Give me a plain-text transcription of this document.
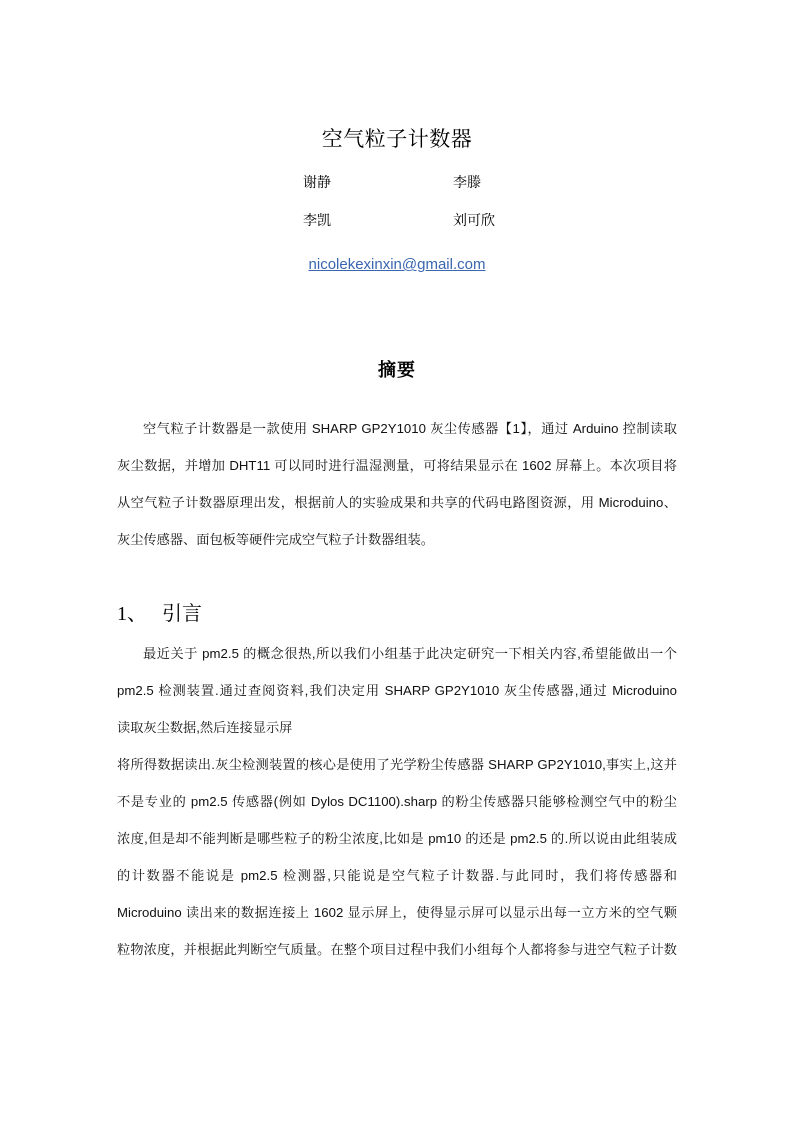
空气粒子计数器
谢静	李滕
李凯	刘可欣
nicolekexinxin@gmail.com
摘要
空气粒子计数器是一款使用 SHARP GP2Y1010 灰尘传感器【1】，通过 Arduino 控制读取
灰尘数据，并增加 DHT11 可以同时进行温湿测量，可将结果显示在 1602 屏幕上。本次项目将
从空气粒子计数器原理出发，根据前人的实验成果和共享的代码电路图资源，用 Microduino、
灰尘传感器、面包板等硬件完成空气粒子计数器组装。
1、   引言
最近关于 pm2.5 的概念很热,所以我们小组基于此决定研究一下相关内容,希望能做出一个
pm2.5 检测装置.通过查阅资料,我们决定用 SHARP GP2Y1010 灰尘传感器,通过 Microduino
读取灰尘数据,然后连接显示屏
将所得数据读出.灰尘检测装置的核心是使用了光学粉尘传感器 SHARP GP2Y1010,事实上,这并
不是专业的 pm2.5 传感器(例如 Dylos DC1100).sharp 的粉尘传感器只能够检测空气中的粉尘
浓度,但是却不能判断是哪些粒子的粉尘浓度,比如是 pm10 的还是 pm2.5 的.所以说由此组装成
的计数器不能说是 pm2.5 检测器,只能说是空气粒子计数器.与此同时，我们将传感器和
Microduino 读出来的数据连接上 1602 显示屏上，使得显示屏可以显示出每一立方米的空气颗
粒物浓度，并根据此判断空气质量。在整个项目过程中我们小组每个人都将参与进空气粒子计数
